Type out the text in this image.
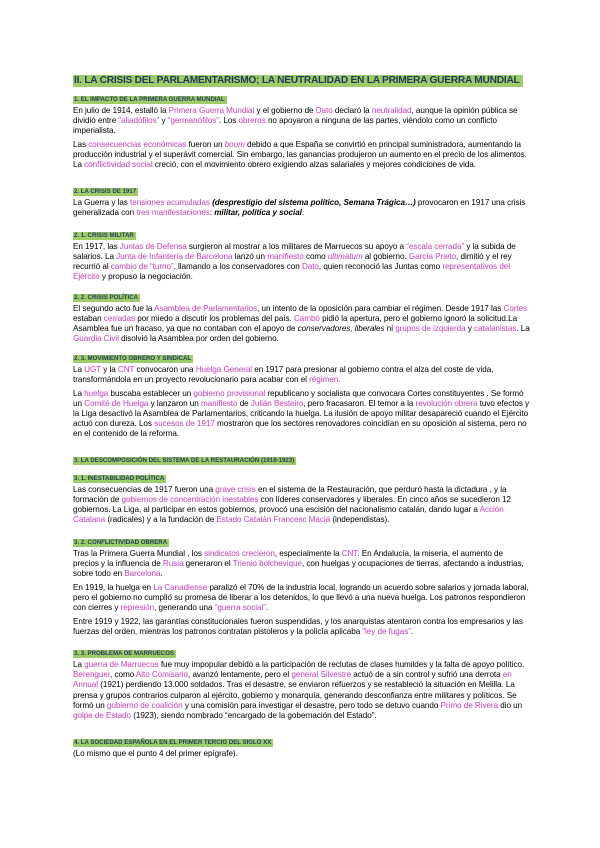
II. LA CRISIS DEL PARLAMENTARISMO; LA NEUTRALIDAD EN LA PRIMERA GUERRA MUNDIAL
1. EL IMPACTO DE LA PRIMERA GUERRA MUNDIAL

En julio de 1914, estalló la Primera Guerra Mundial y el gobierno de Dato declaró la neutralidad, aunque la opinión pública se dividió entre “aliadófilos” y “germanófilos”. Los obreros no apoyaron a ninguna de las partes, viéndolo como un conflicto imperialista.

Las consecuencias económicas fueron un boom debido a que España se convirtió en principal suministradora, aumentando la producción industrial y el superávit comercial. Sin embargo, las ganancias produjeron un aumento en el precio de los alimentos. La conflictividad social creció, con el movimiento obrero exigiendo alzas salariales y mejores condiciones de vida.

2. LA CRISIS DE 1917

La Guerra y las tensiones acumuladas (desprestigio del sistema político, Semana Trágica…) provocaron en 1917 una crisis generalizada con tres manifestaciones: militar, política y social.

2. 1. CRISIS MILITAR

En 1917, las Juntas de Defensa surgieron al mostrar a los militares de Marruecos su apoyo a “escala cerrada” y la subida de salarios. La Junta de Infantería de Barcelona lanzó un manifiesto como ultimátum al gobierno. García Prieto, dimitió y el rey recurrió al cambio de “turno”, llamando a los conservadores con Dato, quien reconoció las Juntas como representativos del Ejército y propuso la negociación.

2. 2. CRISIS POLÍTICA

El segundo acto fue la Asamblea de Parlamentarios, un intento de la oposición para cambiar el régimen. Desde 1917 las Cortes estaban cerradas por miedo a discutir los problemas del país. Cambó pidió la apertura, pero el gobierno ignoró la solicitud.La Asamblea fue un fracaso, ya que no contaban con el apoyo de conservadores, liberales ni grupos de izquierda y catalanistas. La Guardia Civil disolvió la Asamblea por orden del gobierno.

2. 3. MOVIMIENTO OBRERO Y SINDICAL

La UGT y la CNT convocaron una Huelga General en 1917 para presionar al gobierno contra el alza del coste de vida, transformándola en un proyecto revolucionario para acabar con el régimen.

La huelga buscaba establecer un gobierno provisional republicano y socialista que convocara Cortes constituyentes . Se formó un Comité de Huelga y lanzaron un manifiesto de Julián Besteiro, pero fracasaron. El temor a la revolución obrera tuvo efectos y la Liga desactivó la Asamblea de Parlamentarios, criticando la huelga. La ilusión de apoyo militar desapareció cuando el Ejército actuó con dureza. Los sucesos de 1917 mostraron que los sectores renovadores coincidían en su oposición al sistema, pero no en el contenido de la reforma.

3. LA DESCOMPOSICIÓN DEL SISTEMA DE LA RESTAURACIÓN (1918-1923)
3. 1. INESTABILIDAD POLÍTICA

Las consecuencias de 1917 fueron una grave crisis en el sistema de la Restauración, que perduró hasta la dictadura , y la formación de gobiernos de concentración inestables con líderes conservadores y liberales. En cinco años se sucedieron 12 gobiernos. La Liga, al participar en estos gobiernos, provocó una escisión del nacionalismo catalán, dando lugar a Acción Catalana (radicales) y a la fundación de Estado Catalán Francesc Maciá (independistas).

3. 2. CONFLICTIVIDAD OBRERA

Tras la Primera Guerra Mundial , los sindicatos crecieron, especialmente la CNT. En Andalucía, la miseria, el aumento de precios y la influencia de Rusia generaron el Trienio bolchevique, con huelgas y ocupaciones de tierras, afectando a industrias, sobre todo en Barcelona.

En 1919, la huelga en La Canadiense paralizó el 70% de la industria local, logrando un acuerdo sobre salarios y jornada laboral, pero el gobierno no cumplió su promesa de liberar a los detenidos, lo que llevó a una nueva huelga. Los patronos respondieron con cierres y represión, generando una “guerra social”.

Entre 1919 y 1922, las garantías constitucionales fueron suspendidas, y los anarquistas atentaron contra los empresarios y las fuerzas del orden, mientras los patronos contratan pistoleros y la policía aplicaba “ley de fugas”.

3. 3. PROBLEMA DE MARRUECOS

La guerra de Marruecos fue muy impopular debido a la participación de reclutas de clases humildes y la falta de apoyo político. Berenguer, como Alto Comisario, avanzó lentamente, pero el general Silvestre actuó de a sin control y sufrió una derrota en Annual (1921) perdiendo 13.000 soldados. Tras el desastre, se enviaron refuerzos y se restableció la situación en Melilla. La prensa y grupos contrarios culparon al ejército, gobierno y monarquía, generando desconfianza entre militares y políticos. Se formó un gobierno de coalición y una comisión para investigar el desastre, pero todo se detuvo cuando Primo de Rivera dio un golpe de Estado (1923), siendo nombrado “encargado de la gobernación del Estado”.

4. LA SOCIEDAD ESPAÑOLA EN EL PRIMER TERCIO DEL SIGLO XX

(Lo mismo que el punto 4 del primer epígrafe).
